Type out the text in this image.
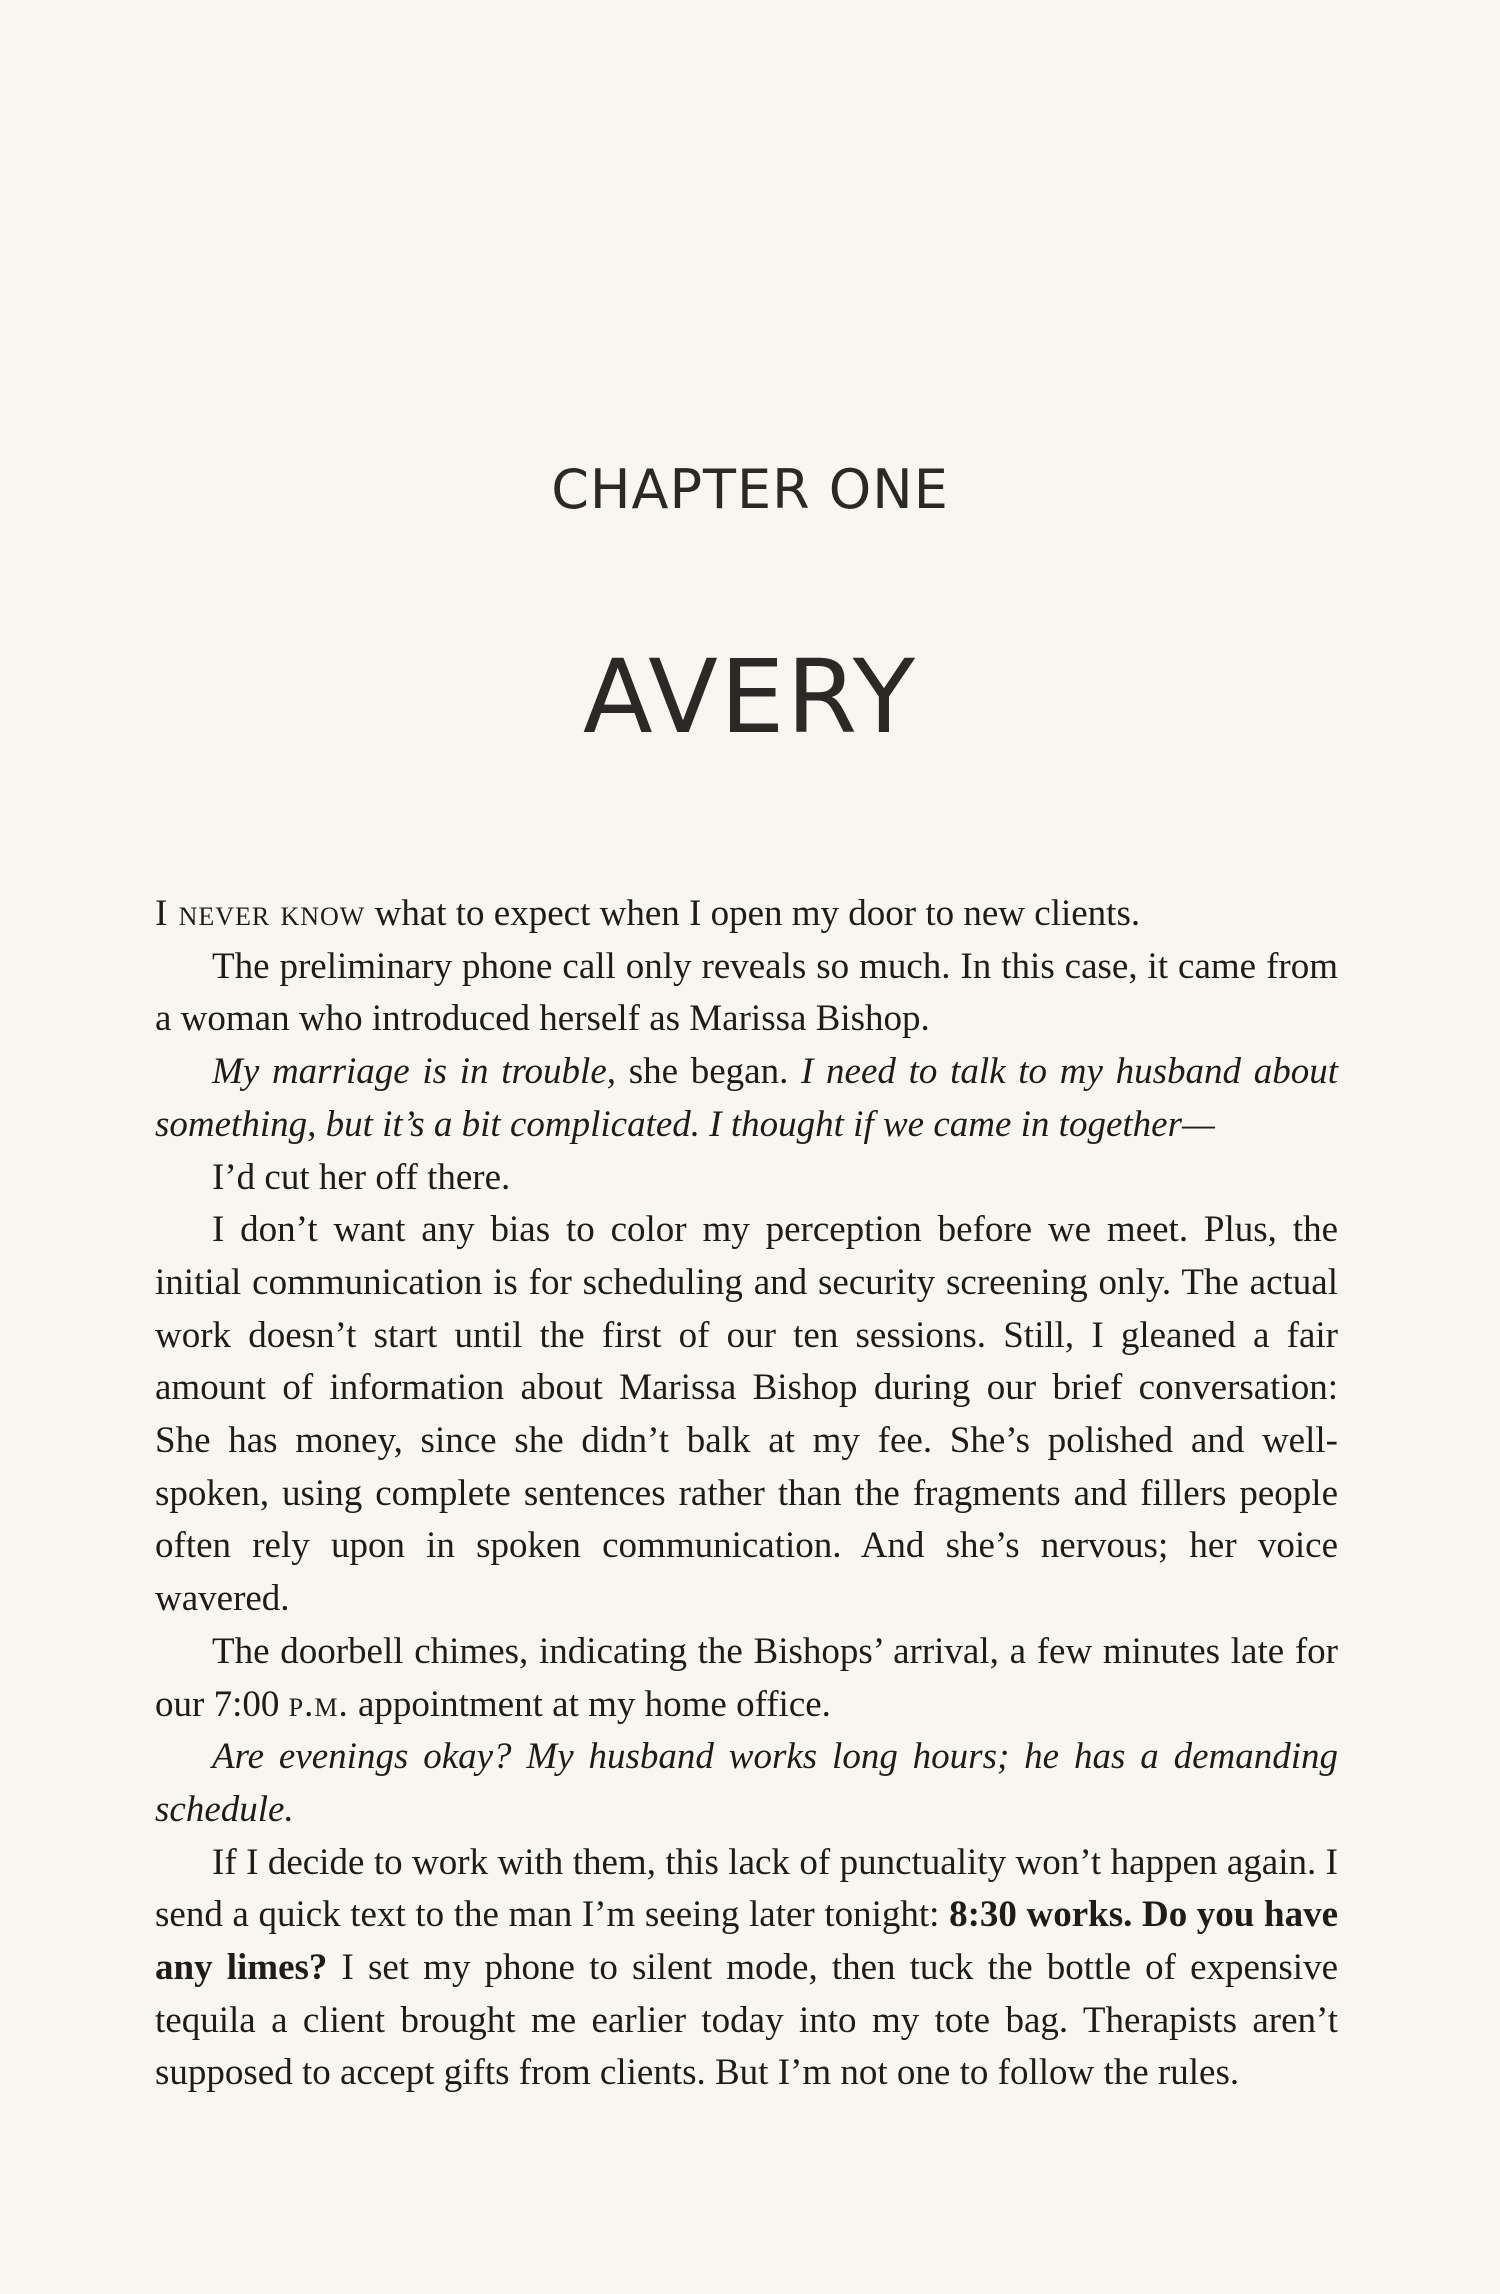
CHAPTER ONE
AVERY

I never know what to expect when I open my door to new clients.

The preliminary phone call only reveals so much. In this case, it came from a woman who introduced herself as Marissa Bishop.

My marriage is in trouble, she began. I need to talk to my husband about something, but it’s a bit complicated. I thought if we came in together—

I’d cut her off there.

I don’t want any bias to color my perception before we meet. Plus, the initial communication is for scheduling and security screening only. The actual work doesn’t start until the first of our ten sessions. Still, I gleaned a fair amount of information about Marissa Bishop during our brief conversation: She has money, since she didn’t balk at my fee. She’s polished and well-spoken, using complete sentences rather than the fragments and fillers people often rely upon in spoken communication. And she’s nervous; her voice wavered.

The doorbell chimes, indicating the Bishops’ arrival, a few minutes late for our 7:00 p.m. appointment at my home office.

Are evenings okay? My husband works long hours; he has a demanding schedule.

If I decide to work with them, this lack of punctuality won’t happen again. I send a quick text to the man I’m seeing later tonight: 8:30 works. Do you have any limes? I set my phone to silent mode, then tuck the bottle of expensive tequila a client brought me earlier today into my tote bag. Therapists aren’t supposed to accept gifts from clients. But I’m not one to follow the rules.
